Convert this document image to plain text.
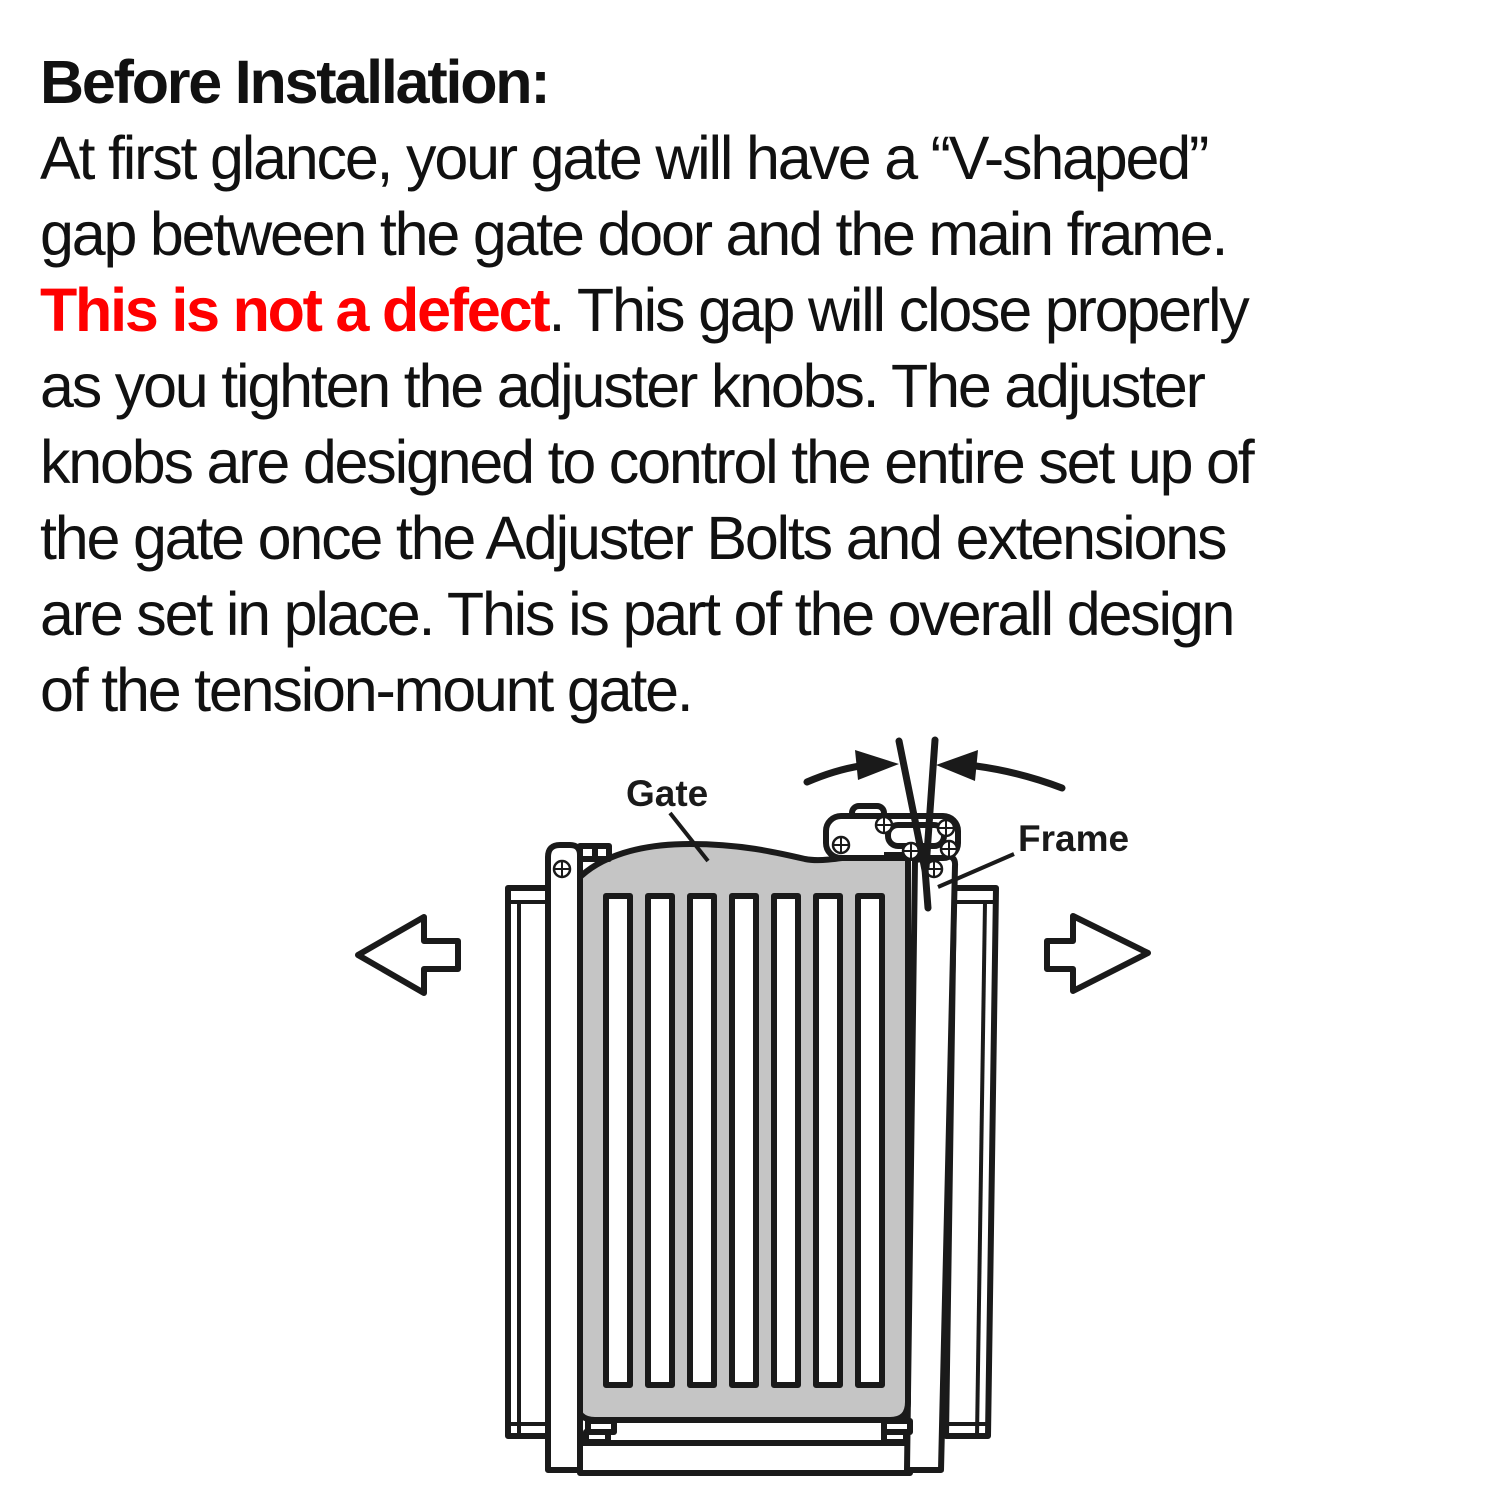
Before Installation:
At first glance, your gate will have a “V-shaped”
gap between the gate door and the main frame.
This is not a defect. This gap will close properly
as you tighten the adjuster knobs. The adjuster
knobs are designed to control the entire set up of
the gate once the Adjuster Bolts and extensions
are set in place. This is part of the overall design
of the tension-mount gate.
Gate
Frame
